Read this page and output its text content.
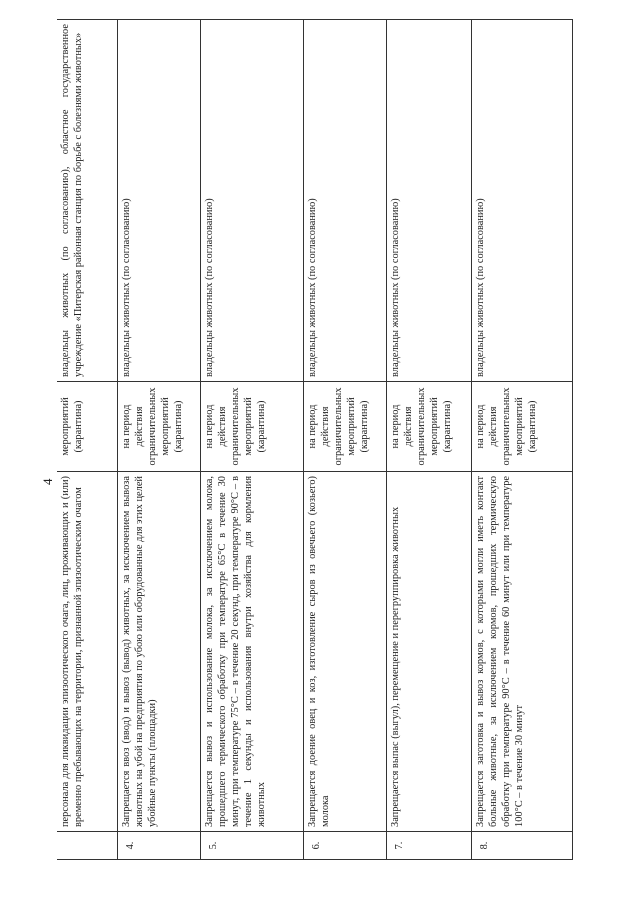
4
	персонала для ликвидации эпизоотического очага, лиц, проживающих и (или) временно пребывающих на территории, признанной эпизоотическим очагом	мероприятий (карантина)	владельцы животных (по согласованию), областное государственное учреждение «Питерская районная станция по борьбе с болезнями животных»
4.	Запрещается ввоз (ввод) и вывоз (вывод) животных, за исключением вывоза животных на убой на предприятия по убою или оборудованные для этих целей убойные пункты (площадки)	на период действия ограничительных мероприятий (карантина)	владельцы животных (по согласованию)
5.	Запрещается вывоз и использование молока, за исключением молока, прошедшего термического обработку при температуре 65°С в течение 30 минут, при температуре 75°С – в течение 20 секунд, при температуре 90°С – в течение 1 секунды и использования внутри хозяйства для кормления животных	на период действия ограничительных мероприятий (карантина)	владельцы животных (по согласованию)
6.	Запрещается доение овец и коз, изготовление сыров из овечьего (козьего) молока	на период действия ограничительных мероприятий (карантина)	владельцы животных (по согласованию)
7.	Запрещается выпас (выгул), перемещение и перегруппировка животных	на период действия ограничительных мероприятий (карантина)	владельцы животных (по согласованию)
8.	Запрещается заготовка и вывоз кормов, с которыми могли иметь контакт больные животные, за исключением кормов, прошедших термическую обработку при температуре 90°С – в течение 60 минут или при температуре 100°С – в течение 30 минут	на период действия ограничительных мероприятий (карантина)	владельцы животных (по согласованию)
